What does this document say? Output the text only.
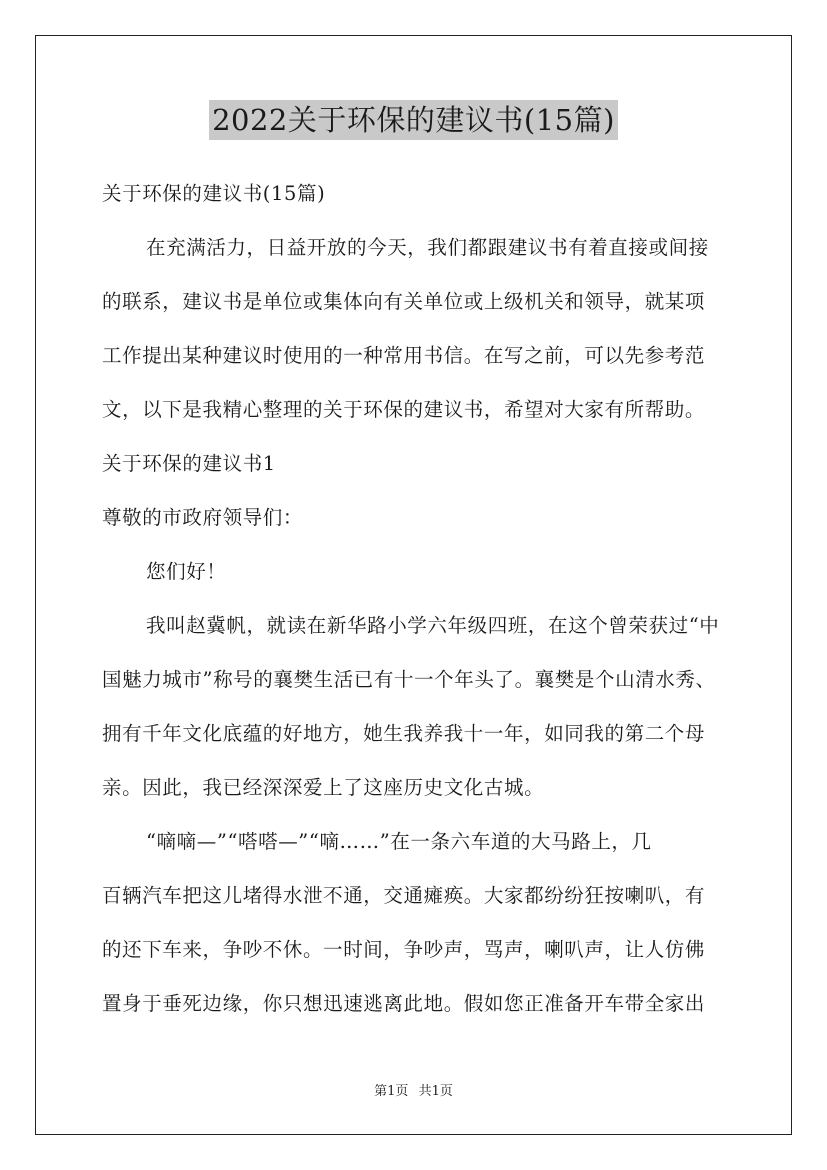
2022关于环保的建议书(15篇)
关于环保的建议书(15篇)
在充满活力，日益开放的今天，我们都跟建议书有着直接或间接
的联系，建议书是单位或集体向有关单位或上级机关和领导，就某项
工作提出某种建议时使用的一种常用书信。在写之前，可以先参考范
文，以下是我精心整理的关于环保的建议书，希望对大家有所帮助。
关于环保的建议书1
尊敬的市政府领导们：
您们好！
我叫赵冀帆，就读在新华路小学六年级四班，在这个曾荣获过“中
国魅力城市”称号的襄樊生活已有十一个年头了。襄樊是个山清水秀、
拥有千年文化底蕴的好地方，她生我养我十一年，如同我的第二个母
亲。因此，我已经深深爱上了这座历史文化古城。
“嘀嘀—”“嗒嗒—”“嘀……”在一条六车道的大马路上，几
百辆汽车把这儿堵得水泄不通，交通瘫痪。大家都纷纷狂按喇叭，有
的还下车来，争吵不休。一时间，争吵声，骂声，喇叭声，让人仿佛
置身于垂死边缘，你只想迅速逃离此地。假如您正准备开车带全家出
第1页 共1页
